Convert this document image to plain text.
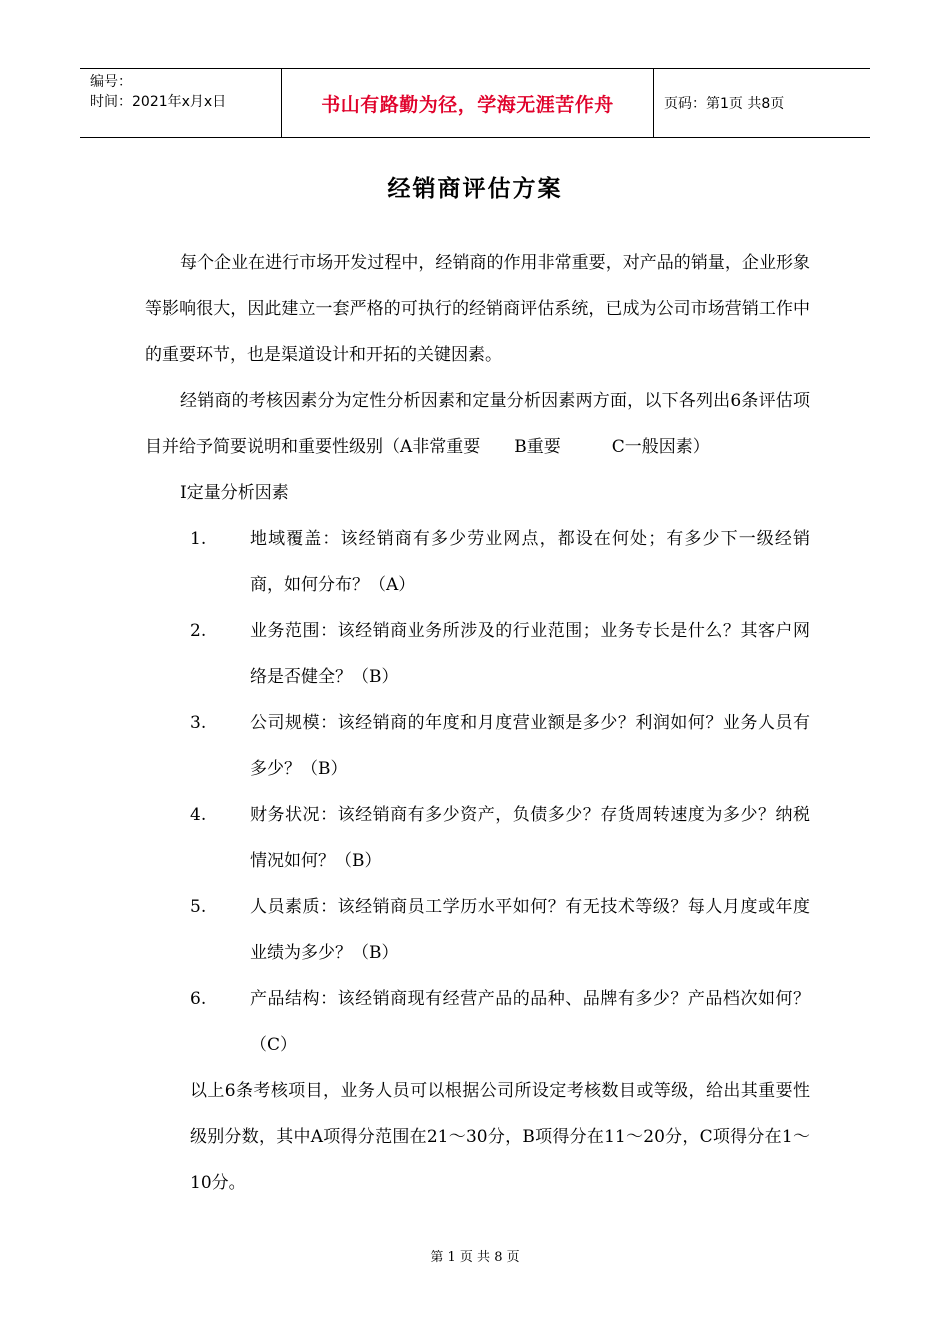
编号：
时间：2021年x月x日	书山有路勤为径，学海无涯苦作舟	页码：第1页 共8页
经销商评估方案

每个企业在进行市场开发过程中，经销商的作用非常重要，对产品的销量，企业形象等影响很大，因此建立一套严格的可执行的经销商评估系统，已成为公司市场营销工作中的重要环节，也是渠道设计和开拓的关键因素。

经销商的考核因素分为定性分析因素和定量分析因素两方面，以下各列出6条评估项目并给予简要说明和重要性级别（A非常重要　　B重要　　　C一般因素）

I定量分析因素

1.	地域覆盖：该经销商有多少劳业网点，都设在何处；有多少下一级经销商，如何分布？（A）
2.	业务范围：该经销商业务所涉及的行业范围；业务专长是什么？其客户网络是否健全？（B）
3.	公司规模：该经销商的年度和月度营业额是多少？利润如何？业务人员有多少？（B）
4.	财务状况：该经销商有多少资产，负债多少？存货周转速度为多少？纳税情况如何？（B）
5.	人员素质：该经销商员工学历水平如何？有无技术等级？每人月度或年度业绩为多少？（B）
6.	产品结构：该经销商现有经营产品的品种、品牌有多少？产品档次如何？（C）

以上6条考核项目，业务人员可以根据公司所设定考核数目或等级，给出其重要性级别分数，其中A项得分范围在21～30分，B项得分在11～20分，C项得分在1～10分。

第 1 页 共 8 页
